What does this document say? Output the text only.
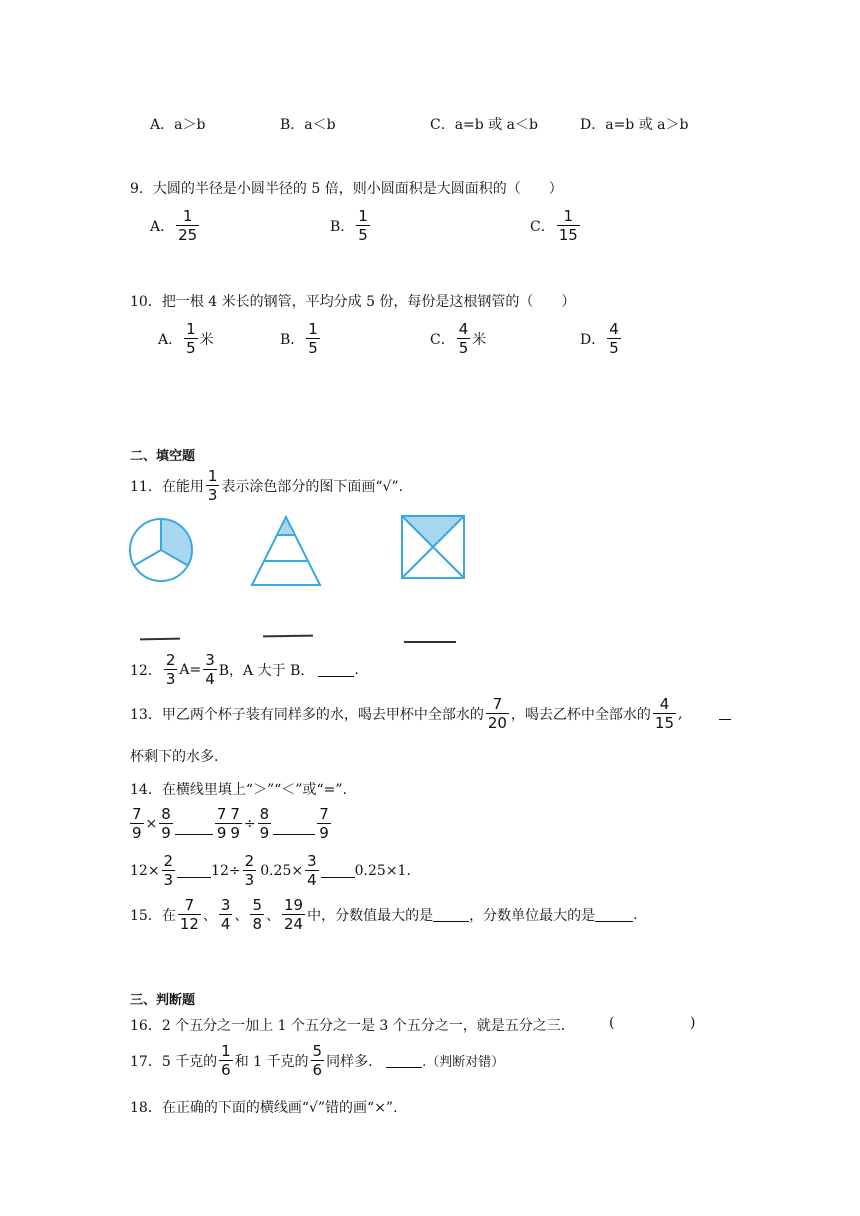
A．a＞b	B．a＜b	C．a=b 或 a＜b	D．a=b 或 a＞b
9．大圆的半径是小圆半径的 5 倍，则小圆面积是大圆面积的（　　）
A． $\frac{1}{25}$	B． $\frac{1}{5}$	C． $\frac{1}{15}$
10．把一根 4 米长的钢管，平均分成 5 份，每份是这根钢管的（　　）
A． $\frac{1}{5}$ 米	B． $\frac{1}{5}$	C． $\frac{4}{5}$ 米	D． $\frac{4}{5}$
二、填空题
11．在能用 $\frac{1}{3}$ 表示涂色部分的图下面画“√”.
12． $\frac{2}{3} A= \frac{3}{4}$ B，A 大于 B．	.
13．甲乙两个杯子装有同样多的水，喝去甲杯中全部水的 $\frac{7}{20}$ ，喝去乙杯中全部水的 $\frac{4}{15}$ ,
杯剩下的水多.
14．在横线里填上“＞”“＜”或“=”.
$\frac{7}{9} \times \frac{8}{9}$	$\frac{7}{9} \frac{7}{9} \div \frac{8}{9}$	$\frac{7}{9}$
$12\times \frac{2}{3}$	$12\div \frac{2}{3} 0.25\times \frac{3}{4}$	0.25×1.
15．在 $\frac{7}{12}$ 、 $\frac{3}{4}$ 、 $\frac{5}{8}$ 、 $\frac{19}{24}$ 中，分数值最大的是	，分数单位最大的是	.
三、判断题
16．2 个五分之一加上 1 个五分之一是 3 个五分之一，就是五分之三． (	)
17．5 千克的 $\frac{1}{6}$ 和 1 千克的 $\frac{5}{6}$ 同样多．	.（判断对错）
18．在正确的下面的横线画“√”错的画“×”.
